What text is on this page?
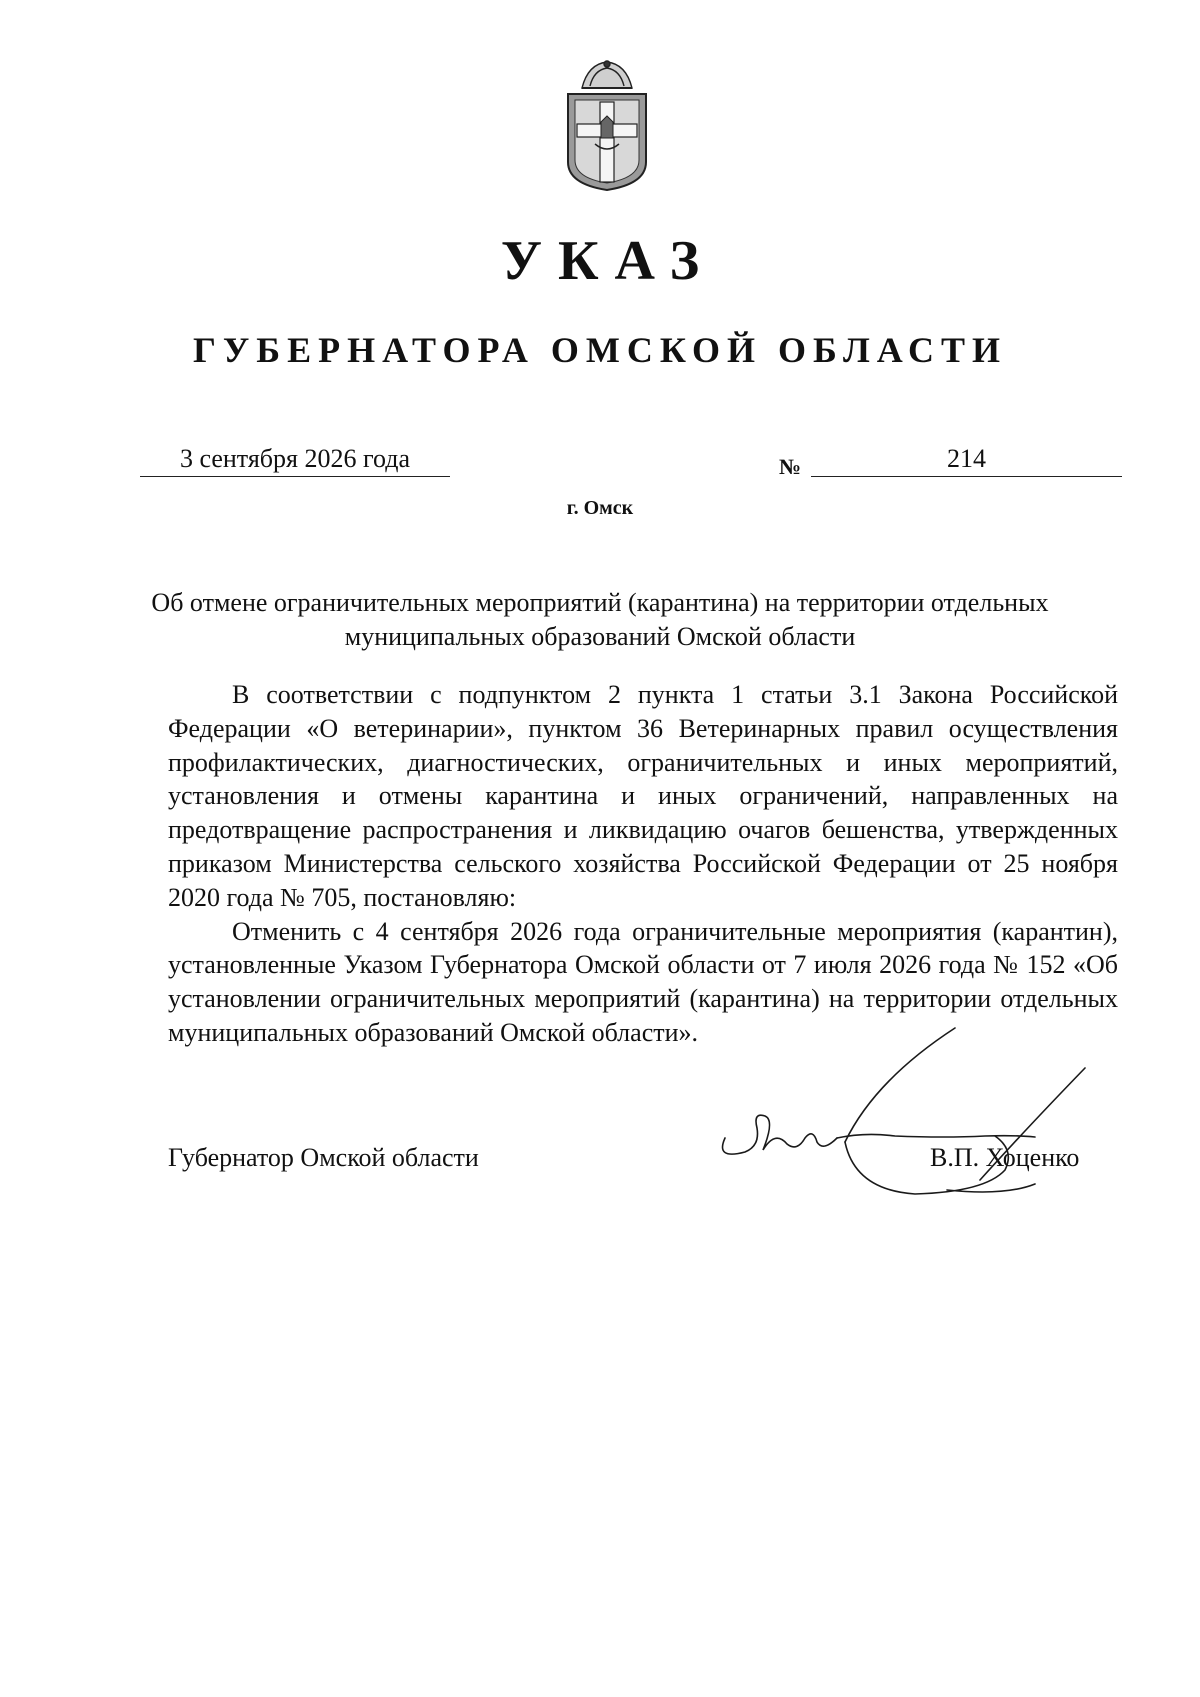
УКАЗ
ГУБЕРНАТОРА ОМСКОЙ ОБЛАСТИ
3 сентября 2026 года	№	214
г. Омск
Об отмене ограничительных мероприятий (карантина) на территории отдельных муниципальных образований Омской области

В соответствии с подпунктом 2 пункта 1 статьи 3.1 Закона Российской Федерации «О ветеринарии», пунктом 36 Ветеринарных правил осуществления профилактических, диагностических, ограничительных и иных мероприятий, установления и отмены карантина и иных ограничений, направленных на предотвращение распространения и ликвидацию очагов бешенства, утвержденных приказом Министерства сельского хозяйства Российской Федерации от 25 ноября 2020 года № 705, постановляю:

Отменить с 4 сентября 2026 года ограничительные мероприятия (карантин), установленные Указом Губернатора Омской области от 7 июля 2026 года № 152 «Об установлении ограничительных мероприятий (карантина) на территории отдельных муниципальных образований Омской области».

Губернатор Омской области	В.П. Хоценко
